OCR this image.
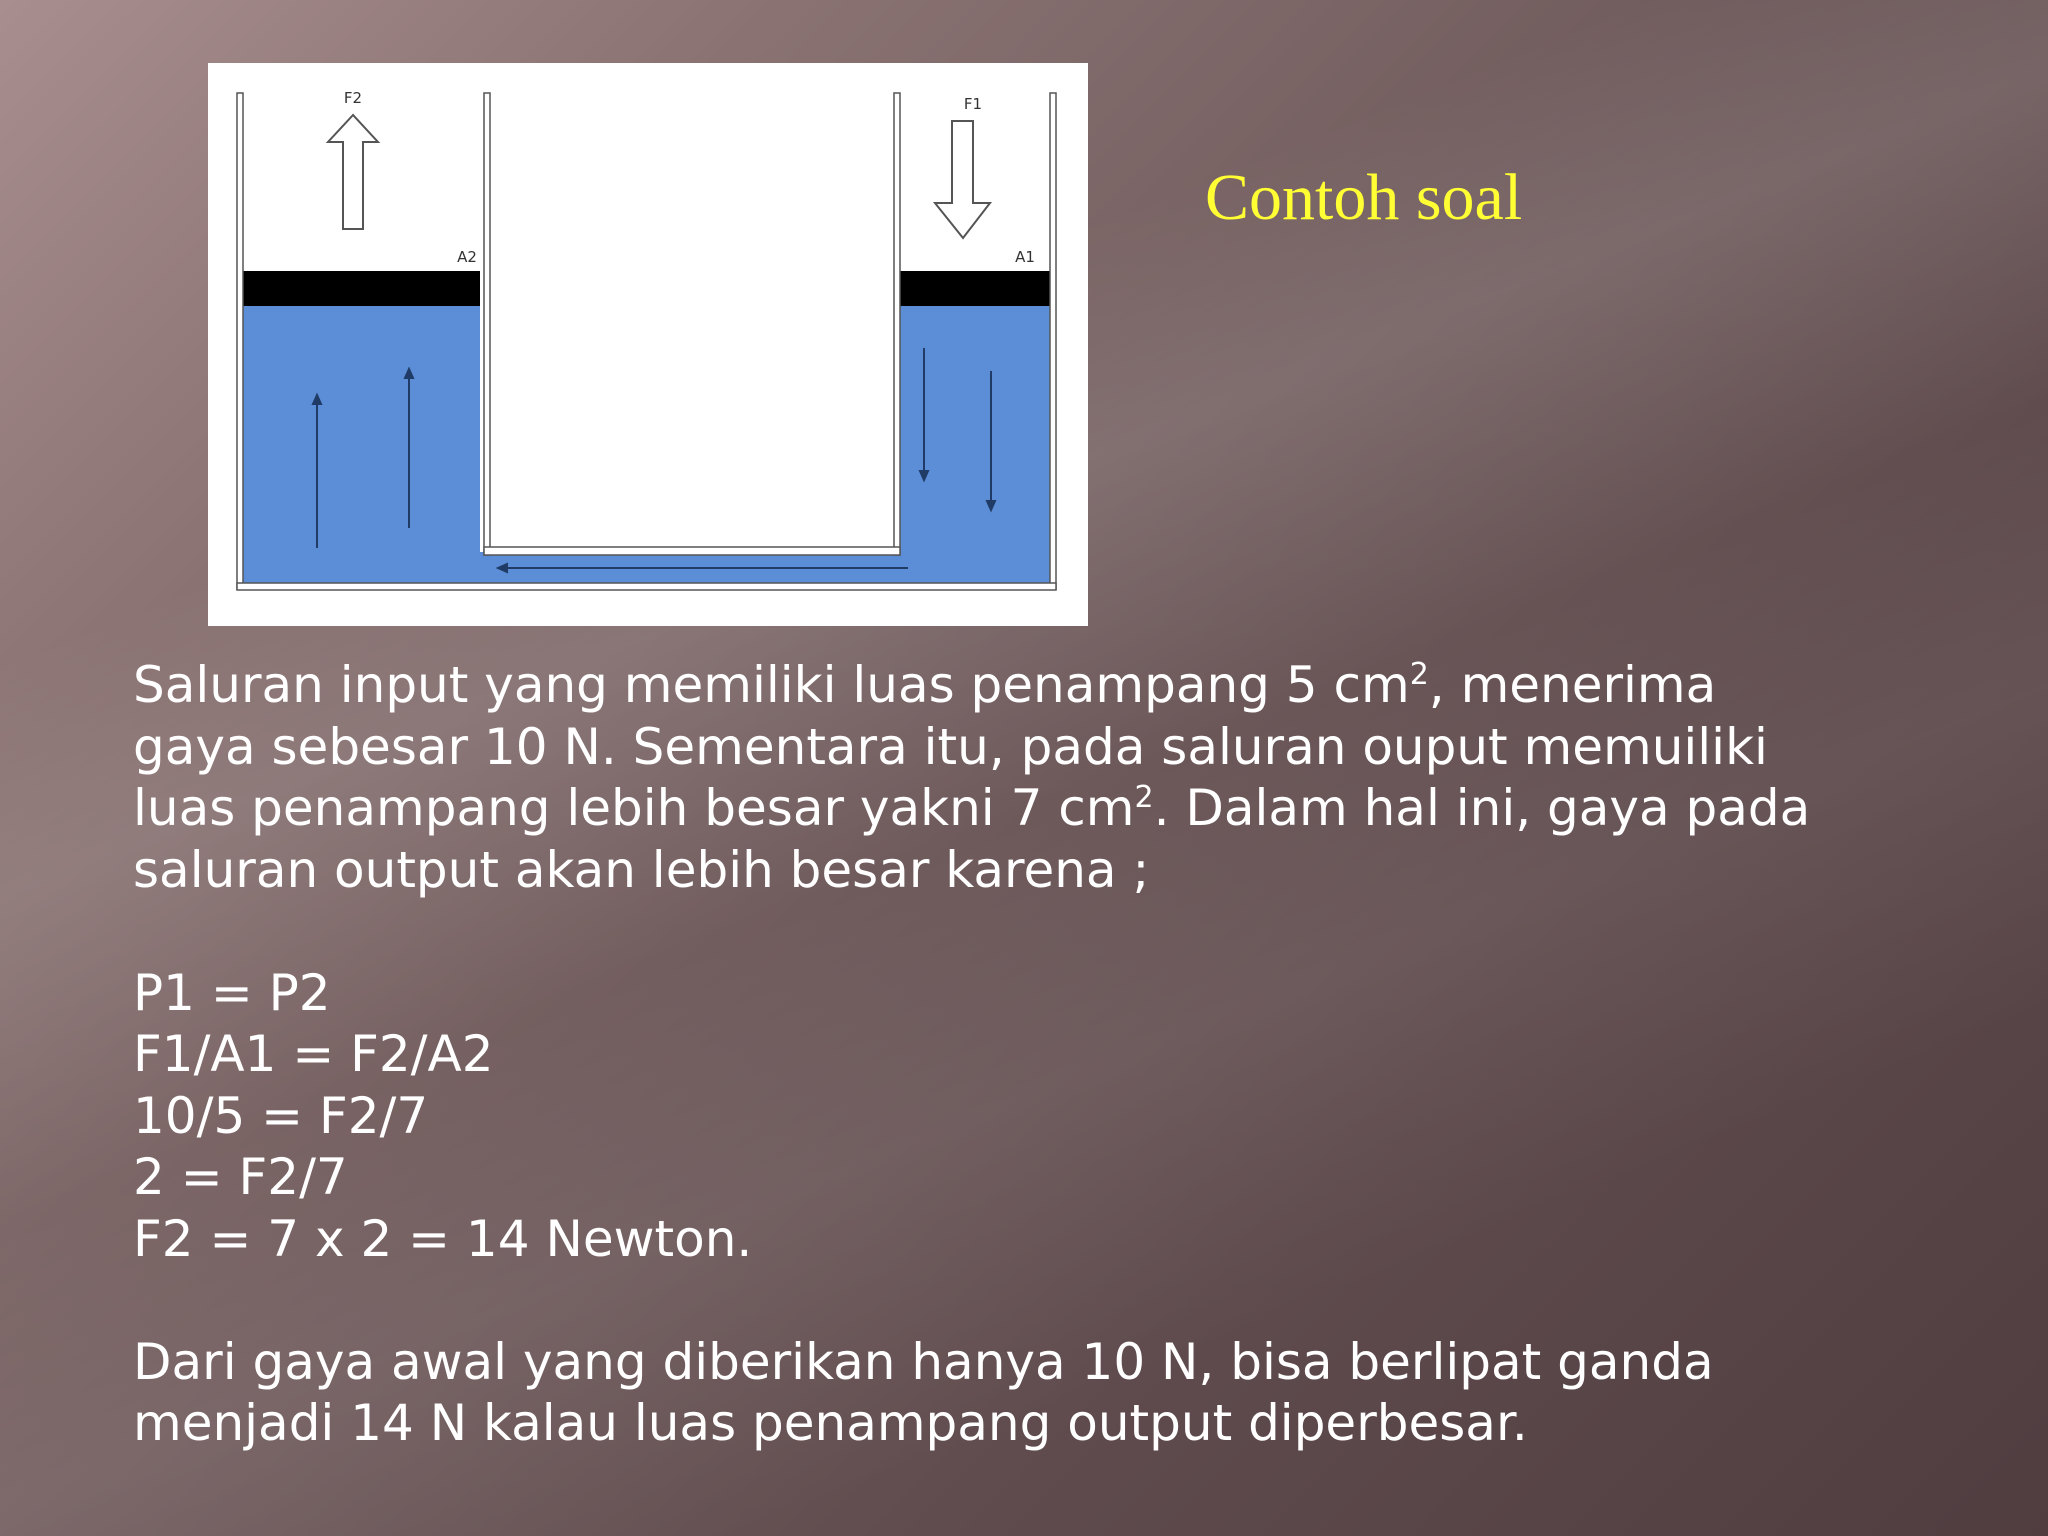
F2	F1
A2	A1
Contoh soal

Saluran input yang memiliki luas penampang 5 $cm^2$, menerima

gaya sebesar 10 N. Sementara itu, pada saluran ouput memuiliki

luas penampang lebih besar yakni 7 $cm^2$. Dalam hal ini, gaya pada

saluran output akan lebih besar karena ;

P1 = P2

F1/A1 = F2/A2

10/5 = F2/7

2 = F2/7

F2 = 7 x 2 = 14 Newton.

Dari gaya awal yang diberikan hanya 10 N, bisa berlipat ganda

menjadi 14 N kalau luas penampang output diperbesar.
